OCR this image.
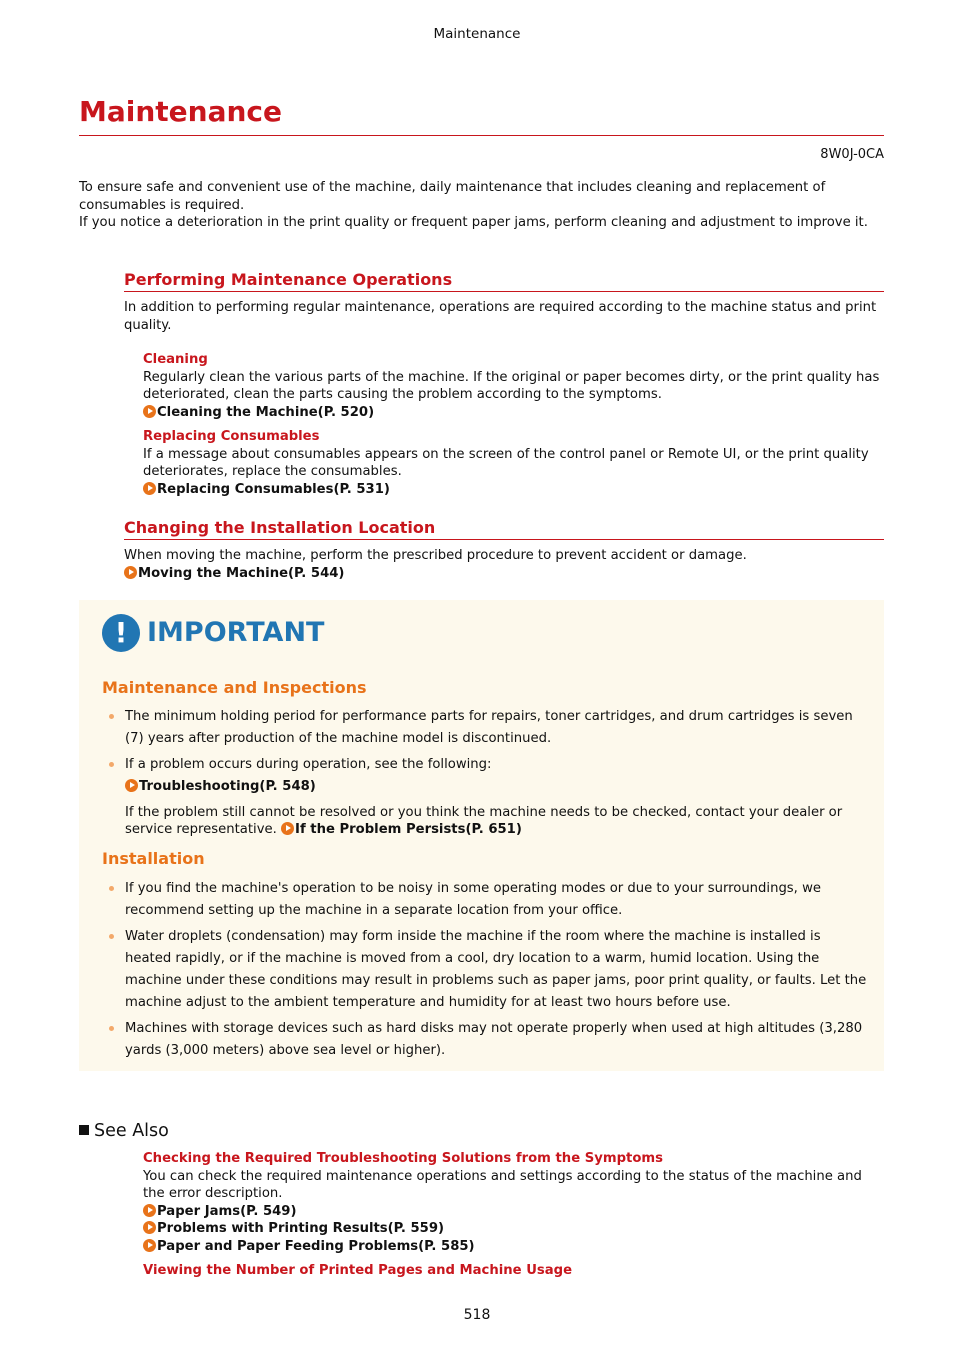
Maintenance
Maintenance
8W0J-0CA

To ensure safe and convenient use of the machine, daily maintenance that includes cleaning and replacement of consumables is required.

If you notice a deterioration in the print quality or frequent paper jams, perform cleaning and adjustment to improve it.

Performing Maintenance Operations

In addition to performing regular maintenance, operations are required according to the machine status and print quality.

Cleaning
Regularly clean the various parts of the machine. If the original or paper becomes dirty, or the print quality has deteriorated, clean the parts causing the problem according to the symptoms.
Cleaning the Machine(P. 520)
Replacing Consumables
If a message about consumables appears on the screen of the control panel or Remote UI, or the print quality deteriorates, replace the consumables.
Replacing Consumables(P. 531)
Changing the Installation Location

When moving the machine, perform the prescribed procedure to prevent accident or damage.

Moving the Machine(P. 544)
! IMPORTANT
Maintenance and Inspections
The minimum holding period for performance parts for repairs, toner cartridges, and drum cartridges is seven (7) years after production of the machine model is discontinued.
If a problem occurs during operation, see the following:
Troubleshooting(P. 548)
If the problem still cannot be resolved or you think the machine needs to be checked, contact your dealer or service representative. If the Problem Persists(P. 651)
Installation
If you find the machine's operation to be noisy in some operating modes or due to your surroundings, we recommend setting up the machine in a separate location from your office.
Water droplets (condensation) may form inside the machine if the room where the machine is installed is heated rapidly, or if the machine is moved from a cool, dry location to a warm, humid location. Using the machine under these conditions may result in problems such as paper jams, poor print quality, or faults. Let the machine adjust to the ambient temperature and humidity for at least two hours before use.
Machines with storage devices such as hard disks may not operate properly when used at high altitudes (3,280 yards (3,000 meters) above sea level or higher).
See Also
Checking the Required Troubleshooting Solutions from the Symptoms
You can check the required maintenance operations and settings according to the status of the machine and the error description.
Paper Jams(P. 549)
Problems with Printing Results(P. 559)
Paper and Paper Feeding Problems(P. 585)
Viewing the Number of Printed Pages and Machine Usage
518
